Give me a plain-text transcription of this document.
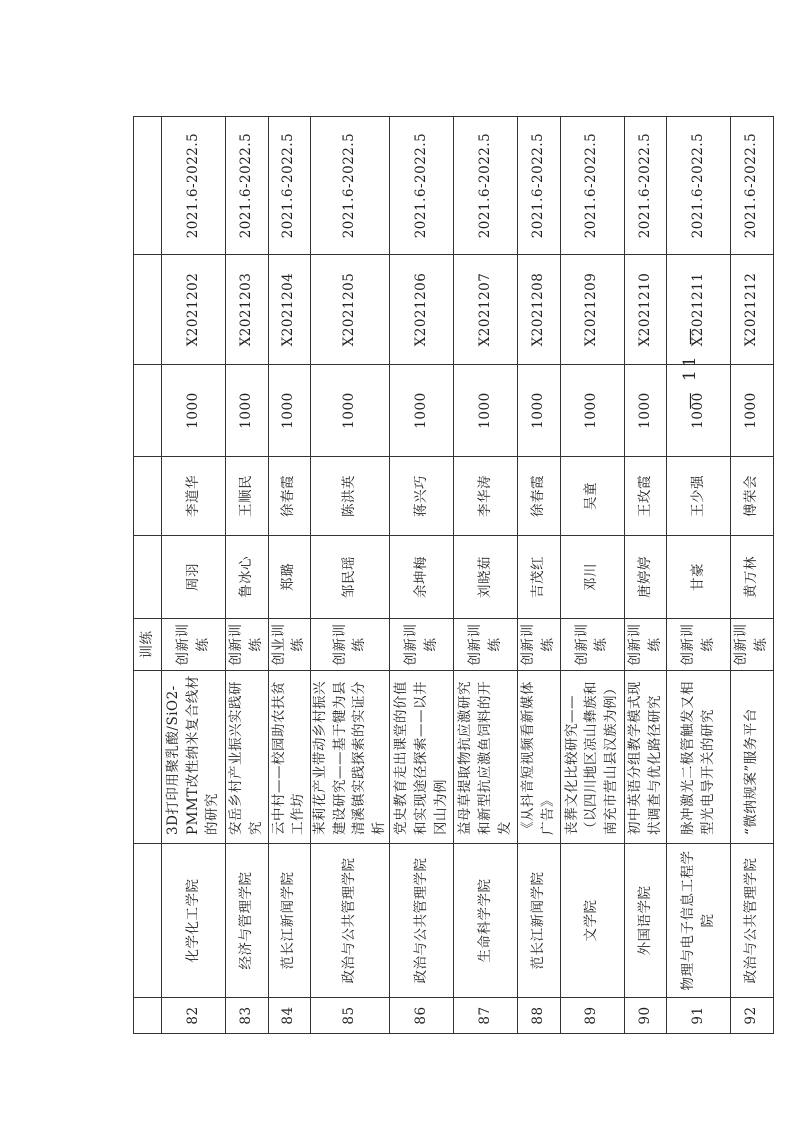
			训练					
82	化学化工学院	3D打印用聚乳酸/SiO2-PMMT改性纳米复合线材的研究	创新训练	周羽	李道华	1000	X2021202	2021.6-2022.5
83	经济与管理学院	安岳乡村产业振兴实践研究	创新训练	鲁冰心	王顺民	1000	X2021203	2021.6-2022.5
84	范长江新闻学院	云中村——校园助农扶贫工作坊	创业训练	郑璐	徐春霞	1000	X2021204	2021.6-2022.5
85	政治与公共管理学院	茉莉花产业带动乡村振兴建设研究——基于犍为县清溪镇实践探索的实证分析	创新训练	邹民瑶	陈洪英	1000	X2021205	2021.6-2022.5
86	政治与公共管理学院	党史教育走出课堂的价值和实现途径探索——以井冈山为例	创新训练	余坤梅	蒋兴巧	1000	X2021206	2021.6-2022.5
87	生命科学学院	益母草提取物抗应激研究和新型抗应激鱼饲料的开发	创新训练	刘晓茹	李华涛	1000	X2021207	2021.6-2022.5
88	范长江新闻学院	《从抖音短视频看新媒体广告》	创新训练	吉茂红	徐春霞	1000	X2021208	2021.6-2022.5
89	文学院	丧葬文化比较研究——（以四川地区凉山彝族和南充市营山县汉族为例）	创新训练	邓川	吴童	1000	X2021209	2021.6-2022.5
90	外国语学院	初中英语分组教学模式现状调查与优化路径研究	创新训练	唐婷婷	王玫霞	1000	X2021210	2021.6-2022.5
91	物理与电子信息工程学院	脉冲激光二极管触发又相型光电导开关的研究	创新训练	甘豪	王少强	1000	X2021211	2021.6-2022.5
92	政治与公共管理学院	“微纳规案”服务平台	创新训练	黄万林	傅荣会	1000	X2021212	2021.6-2022.5
— 11 —
